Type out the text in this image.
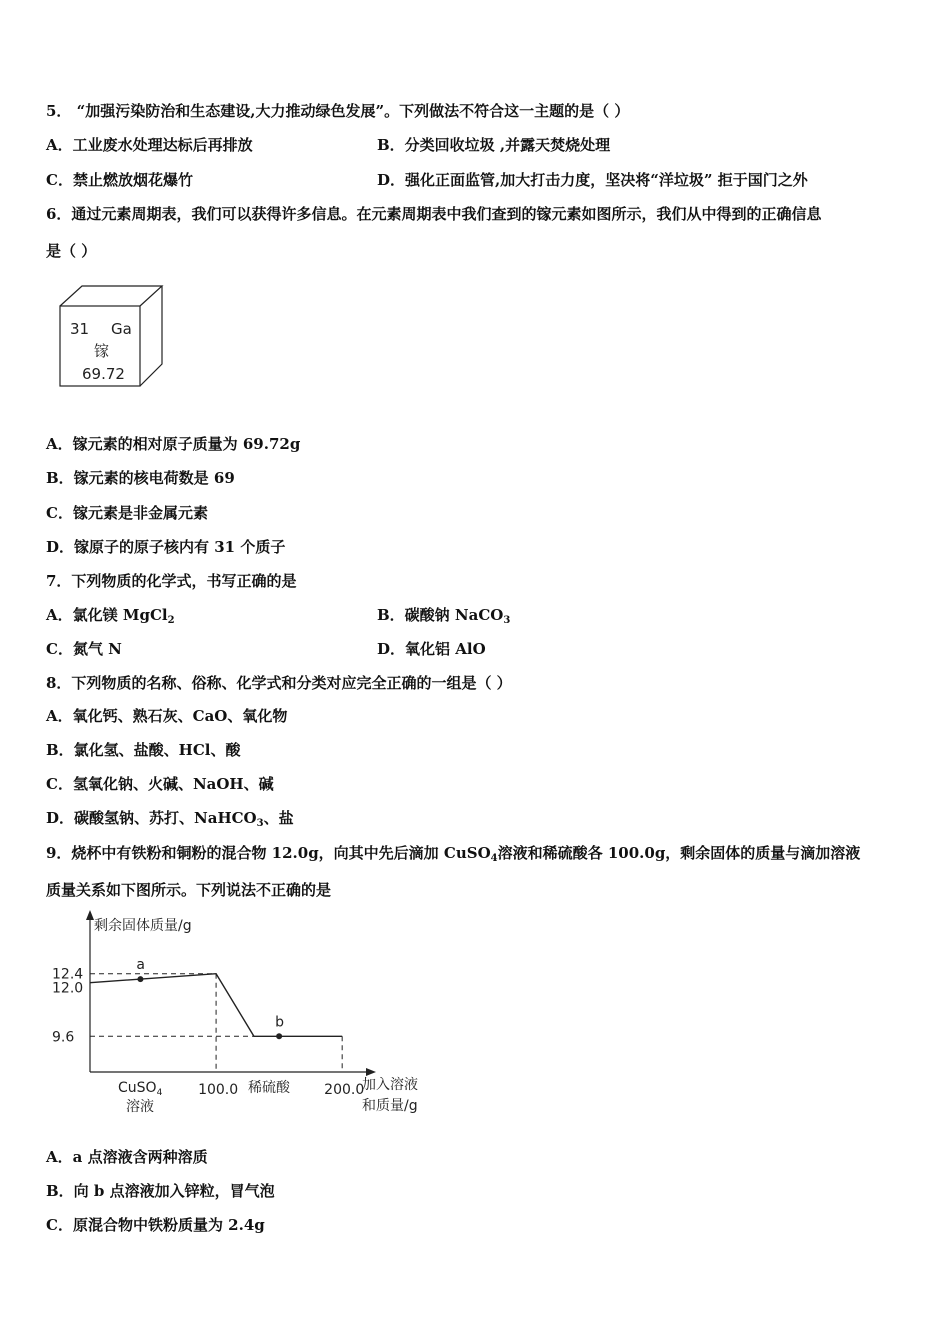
5． “加强污染防治和生态建设,大力推动绿色发展”。下列做法不符合这一主题的是（ ）
A．工业废水处理达标后再排放	B．分类回收垃圾 ,并露天焚烧处理
C．禁止燃放烟花爆竹	D．强化正面监管,加大打击力度，坚决将“洋垃圾” 拒于国门之外
6．通过元素周期表，我们可以获得许多信息。在元素周期表中我们查到的镓元素如图所示，我们从中得到的正确信息
是（ ）
31 Ga
镓
69.72
A．镓元素的相对原子质量为 69.72g
B．镓元素的核电荷数是 69
C．镓元素是非金属元素
D．镓原子的原子核内有 31 个质子
7．下列物质的化学式，书写正确的是
A．氯化镁 MgCl$_2$	B．碳酸钠 NaCO$_3$
C．氮气 N	D．氧化铝 AlO
8．下列物质的名称、俗称、化学式和分类对应完全正确的一组是（ ）
A．氧化钙、熟石灰、CaO、氧化物
B．氯化氢、盐酸、HCl、酸
C．氢氧化钠、火碱、NaOH、碱
D．碳酸氢钠、苏打、NaHCO$_3$、盐
9．烧杯中有铁粉和铜粉的混合物 12.0g，向其中先后滴加 CuSO$_4$溶液和稀硫酸各 100.0g，剩余固体的质量与滴加溶液
质量关系如下图所示。下列说法不正确的是
剩余固体质量/g
加入溶液
和质量/g
CuSO$_4$
溶液
稀硫酸
12.4
12.0
9.6
100.0	200.0
a
b
A．a 点溶液含两种溶质
B．向 b 点溶液加入锌粒，冒气泡
C．原混合物中铁粉质量为 2.4g
